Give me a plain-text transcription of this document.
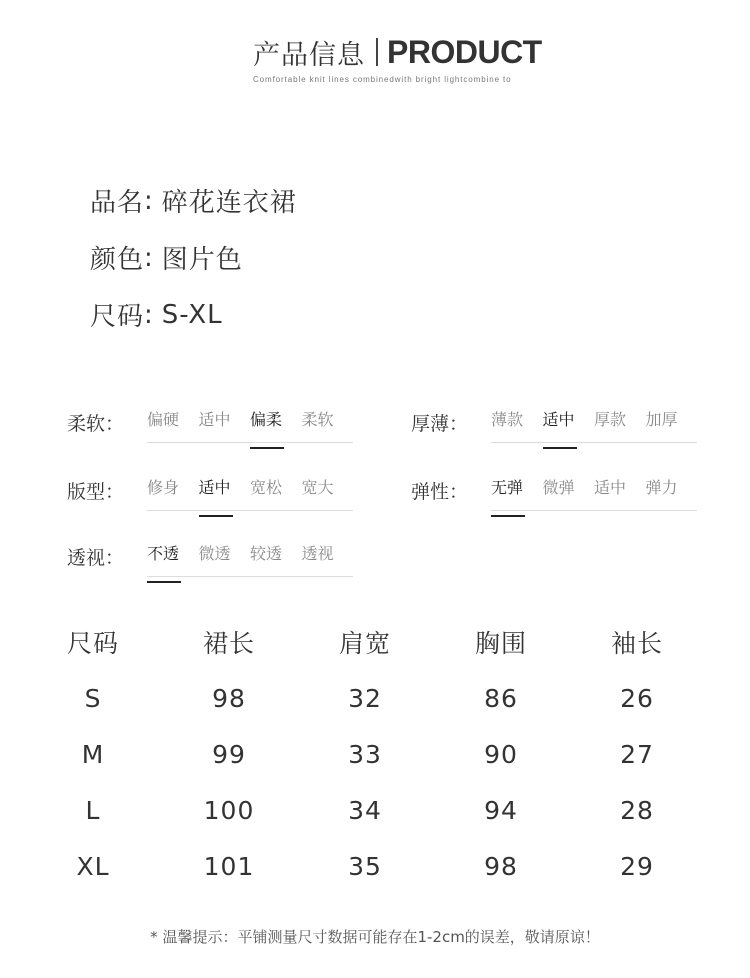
产品信息 PRODUCT
Comfortable knit lines combinedwith bright lightcombine to
品名 : 碎花连衣裙
颜色 : 图片色
尺码 : S-XL
柔软： 偏硬	适中	偏柔	柔软	厚薄： 薄款	适中	厚款	加厚
版型： 修身	适中	宽松	宽大	弹性： 无弹	微弹	适中	弹力
透视： 不透	微透	较透	透视
尺码	裙长	肩宽	胸围	袖长
S	98	32	86	26
M	99	33	90	27
L	100	34	94	28
XL	101	35	98	29
* 温馨提示：平铺测量尺寸数据可能存在1-2cm的误差，敬请原谅！
